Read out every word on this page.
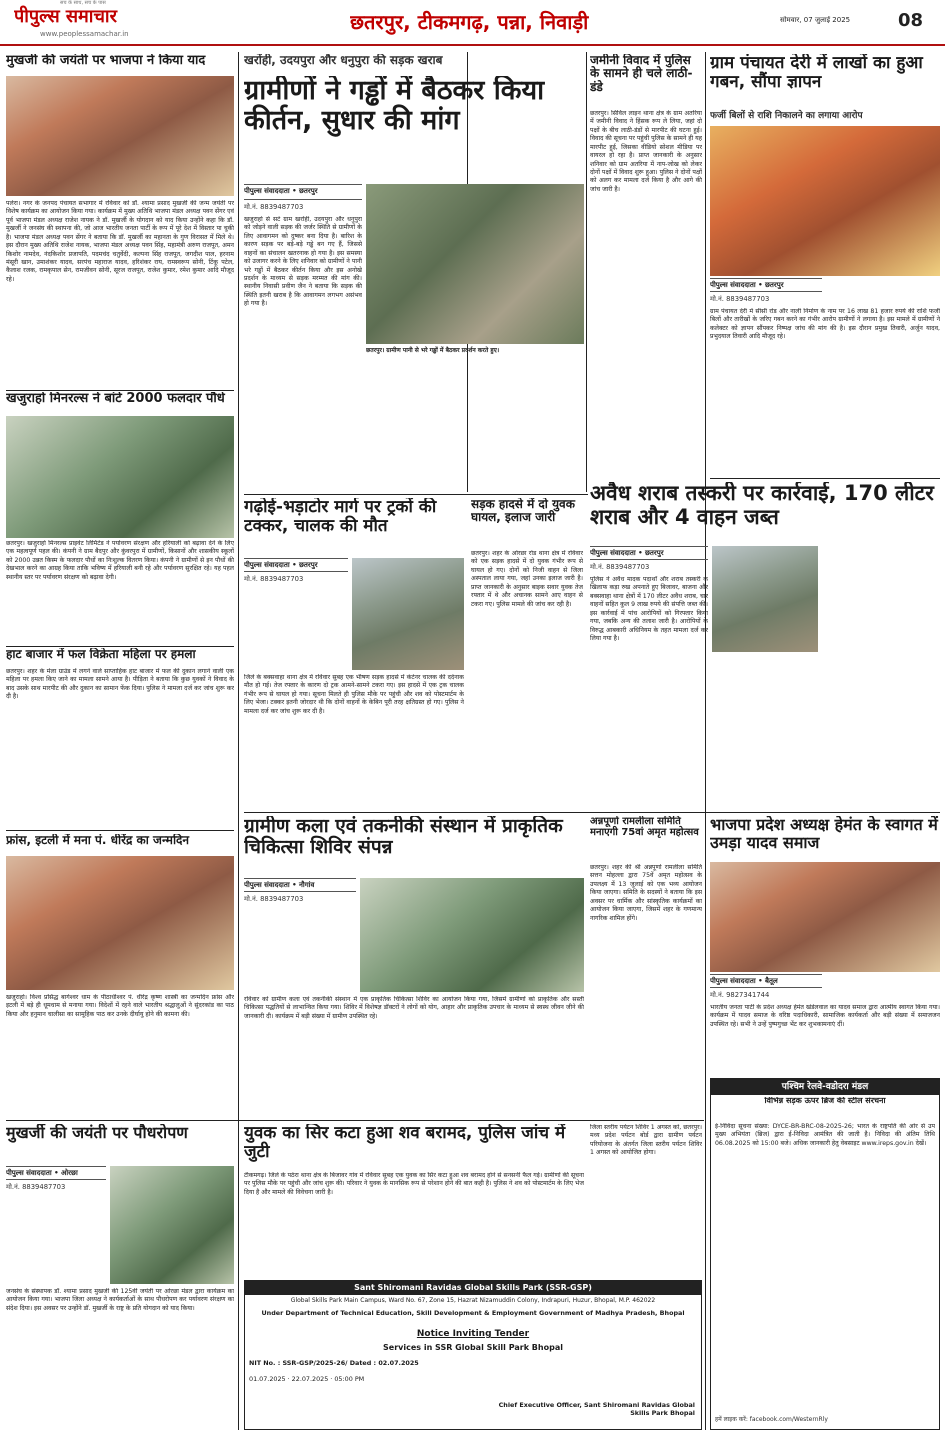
पीपुल्स समाचार
सच के साथ, सच के पास
www.peoplessamachar.in	छतरपुर, टीकमगढ़, पन्ना, निवाड़ी	सोमवार, 07 जुलाई 2025	08
मुखर्जी की जयंती पर भाजपा ने किया याद
पलेरा। नगर के जनपद पंचायत सभागार में रविवार को डॉ. श्यामा प्रसाद मुखर्जी की जन्म जयंती पर विशेष कार्यक्रम का आयोजन किया गया। कार्यक्रम में मुख्य अतिथि भाजपा मंडल अध्यक्ष पवन सेंगर एवं पूर्व भाजपा मंडल अध्यक्ष राजेश नायक ने डॉ. मुखर्जी के योगदान को याद किया उन्होंने कहा कि डॉ. मुखर्जी ने जनसंघ की स्थापना की, जो आज भारतीय जनता पार्टी के रूप में पूरे देश में विस्तार पा चुकी है। भाजपा मंडल अध्यक्ष पवन सेंगर ने बताया कि डॉ. मुखर्जी का महानता के गुण विरासत में मिले थे। इस दौरान मुख्य अतिथि राजेश नायक, भाजपा मंडल अध्यक्ष पवन सिंह, महामंत्री अरुण राजपूत, अमन किशोर नामदेव, नंदकिशोर प्रजापति, पदमचंद चतुर्वेदी, कल्पना सिंह राजपूत, जगदीश पाल, हरनाम मंसूरी खान, उमाशंकर यादव, सरपंच महाराज यादव, हरिशंकर राय, रामस्वरूप सोनी, टिंकू पटेल, कैलाश रजक, रामकृपाल सेन, रामजीवन सोनी, सूरज राजपूत, राजेश कुमार, रमेश कुमार आदि मौजूद रहे।
खजुराहो मिनरल्स ने बांटे 2000 फलदार पौधे
छतरपुर। खजुराहो मिनरल्स प्राइवेट लिमिटेड ने पर्यावरण संरक्षण और हरियाली को बढ़ावा देने के लिए एक महत्वपूर्ण पहल की। कंपनी ने ग्राम बैदपुर और कुंवरपुरा में ग्रामीणों, किसानों और शासकीय स्कूलों को 2000 उन्नत किस्म के फलदार पौधों का निःशुल्क वितरण किया। कंपनी ने ग्रामीणों से इन पौधों की देखभाल करने का आग्रह किया ताकि भविष्य में हरियाली बनी रहे और पर्यावरण सुरक्षित रहे। यह पहल स्थानीय स्तर पर पर्यावरण संरक्षण को बढ़ावा देगी।
हाट बाजार में फल विक्रेता महिला पर हमला
छतरपुर। शहर के मेला ग्राउंड में लगने वाले साप्ताहिक हाट बाजार में फल की दुकान लगाने वाली एक महिला पर हमला किए जाने का मामला सामने आया है। पीड़िता ने बताया कि कुछ युवकों ने विवाद के बाद उसके साथ मारपीट की और दुकान का सामान फेंक दिया। पुलिस ने मामला दर्ज कर जांच शुरू कर दी है।
फ्रांस, इटली में मना पं. धीरेंद्र का जन्मदिन
खजुराहो। विश्व प्रसिद्ध बागेश्वर धाम के पीठाधीश्वर पं. धीरेंद्र कृष्ण शास्त्री का जन्मदिन फ्रांस और इटली में बड़े ही धूमधाम से मनाया गया। विदेशों में रहने वाले भारतीय श्रद्धालुओं ने सुंदरकांड का पाठ किया और हनुमान चालीसा का सामूहिक पाठ कर उनके दीर्घायु होने की कामना की।
खरोंही, उदयपुरा और धनुपुरा की सड़क खराब
ग्रामीणों ने गड्ढों में बैठकर किया कीर्तन, सुधार की मांग
पीपुल्स संवाददाता • छतरपुर
मो.नं. 8839487703
खजुराहो से सटे ग्राम खरोंही, उदयपुरा और धनुपुरा को जोड़ने वाली सड़क की जर्जर स्थिति से ग्रामीणों के लिए आवागमन को दुष्कर बना दिया है। बारिश के कारण सड़क पर बड़े-बड़े गड्ढे बन गए हैं, जिससे वाहनों का संचालन खतरनाक हो गया है। इस समस्या को उजागर करने के लिए शनिवार को ग्रामीणों ने पानी भरे गड्ढों में बैठकर कीर्तन किया और इस अनोखे प्रदर्शन के माध्यम से सड़क मरम्मत की मांग की। स्थानीय निवासी प्रवीण जैन ने बताया कि सड़क की स्थिति इतनी खराब है कि आवागमन लगभग असंभव हो गया है।
छतरपुर। ग्रामीण पानी से भरे गड्ढों में बैठकर प्रदर्शन करते हुए।
जमीनी विवाद में पुलिस के सामने ही चले लाठी-डंडे
छतरपुर। सिविल लाइन थाना क्षेत्र के ग्राम अतरिया में जमीनी विवाद ने हिंसक रूप ले लिया, जहां दो पक्षों के बीच लाठी-डंडों से मारपीट की घटना हुई। विवाद की सूचना पर पहुंची पुलिस के सामने ही यह मारपीट हुई, जिसका वीडियो सोशल मीडिया पर वायरल हो रहा है। प्राप्त जानकारी के अनुसार शनिवार को ग्राम अतरिया में नाप-जोख को लेकर दोनों पक्षों में विवाद शुरू हुआ। पुलिस ने दोनों पक्षों को अलग कर मामला दर्ज किया है और आगे की जांच जारी है।
ग्राम पंचायत देरी में लाखों का हुआ गबन, सौंपा ज्ञापन
फर्जी बिलों से राशि निकालने का लगाया आरोप
पीपुल्स संवाददाता • छतरपुर
मो.नं. 8839487703
ग्राम पंचायत देरी में सीसी रोड और नाली निर्माण के नाम पर 16 लाख 81 हजार रुपये की राशि फर्जी बिलों और तारीखों के जरिए गबन करने का गंभीर आरोप ग्रामीणों ने लगाया है। इस मामले में ग्रामीणों ने कलेक्टर को ज्ञापन सौंपकर निष्पक्ष जांच की मांग की है। इस दौरान प्रमुख तिवारी, अर्जुन यादव, प्रभुदयाल तिवारी आदि मौजूद रहे।
गढ़ोई-भड़ाटोर मार्ग पर ट्रकों की टक्कर, चालक की मौत
पीपुल्स संवाददाता • छतरपुर
मो.नं. 8839487703
जिले के बक्सवाहा थाना क्षेत्र में रविवार सुबह एक भीषण सड़क हादसे में कंटेनर चालक की दर्दनाक मौत हो गई। तेज रफ्तार के कारण दो ट्रक आमने-सामने टकरा गए। इस हादसे में एक ट्रक चालक गंभीर रूप से घायल हो गया। सूचना मिलते ही पुलिस मौके पर पहुंची और शव को पोस्टमार्टम के लिए भेजा। टक्कर इतनी जोरदार थी कि दोनों वाहनों के केबिन पूरी तरह क्षतिग्रस्त हो गए। पुलिस ने मामला दर्ज कर जांच शुरू कर दी है।
सड़क हादसे में दो युवक घायल, इलाज जारी
छतरपुर। शहर के ओरछा रोड थाना क्षेत्र में रविवार को एक सड़क हादसे में दो युवक गंभीर रूप से घायल हो गए। दोनों को निजी वाहन से जिला अस्पताल लाया गया, जहां उनका इलाज जारी है। प्राप्त जानकारी के अनुसार बाइक सवार युवक तेज रफ्तार में थे और अचानक सामने आए वाहन से टकरा गए। पुलिस मामले की जांच कर रही है।
अवैध शराब तस्करी पर कार्रवाई, 170 लीटर शराब और 4 वाहन जब्त
पीपुल्स संवाददाता • छतरपुर
मो.नं. 8839487703
पुलिस ने अवैध मादक पदार्थों और शराब तस्करी के खिलाफ कड़ा रुख अपनाते हुए बिजावर, बाजना और बक्सवाहा थाना क्षेत्रों में 170 लीटर अवैध शराब, चार वाहनों सहित कुल 9 लाख रुपये की संपत्ति जब्त की। इस कार्रवाई में पांच आरोपियों को गिरफ्तार किया गया, जबकि अन्य की तलाश जारी है। आरोपियों के विरुद्ध आबकारी अधिनियम के तहत मामला दर्ज कर लिया गया है।
ग्रामीण कला एवं तकनीकी संस्थान में प्राकृतिक चिकित्सा शिविर संपन्न
पीपुल्स संवाददाता • नौगांव
मो.नं. 8839487703
रविवार को ग्रामीण कला एवं तकनीकी संस्थान में एक प्राकृतिक चिकित्सा शिविर का आयोजन किया गया, जिसमें ग्रामीणों को प्राकृतिक और सस्ती चिकित्सा पद्धतियों से लाभान्वित किया गया। शिविर में विशेषज्ञ डॉक्टरों ने लोगों को योग, आहार और प्राकृतिक उपचार के माध्यम से स्वस्थ जीवन जीने की जानकारी दी। कार्यक्रम में बड़ी संख्या में ग्रामीण उपस्थित रहे।
अन्नपूर्णा रामलीला समिति मनाएगी 75वां अमृत महोत्सव
छतरपुर। शहर की श्री अन्नपूर्णा रामलीला समिति सत्तन मोहल्ला द्वारा 75वें अमृत महोत्सव के उपलक्ष्य में 13 जुलाई को एक भव्य आयोजन किया जाएगा। समिति के सदस्यों ने बताया कि इस अवसर पर धार्मिक और सांस्कृतिक कार्यक्रमों का आयोजन किया जाएगा, जिसमें शहर के गणमान्य नागरिक शामिल होंगे।
भाजपा प्रदेश अध्यक्ष हेमंत के स्वागत में उमड़ा यादव समाज
पीपुल्स संवाददाता • बैतूल
मो.नं. 9827341744
भारतीय जनता पार्टी के प्रदेश अध्यक्ष हेमंत खंडेलवाल का यादव समाज द्वारा आत्मीय स्वागत किया गया। कार्यक्रम में यादव समाज के वरिष्ठ पदाधिकारी, सामाजिक कार्यकर्ता और बड़ी संख्या में समाजजन उपस्थित रहे। सभी ने उन्हें पुष्पगुच्छ भेंट कर शुभकामनाएं दीं।
पश्चिम रेलवे-वडोदरा मंडल
विभिन्न सड़क ऊपर ब्रिज की स्टील संरचना
ई-निविदा सूचना संख्या: DYCE-BR-BRC-08-2025-26; भारत के राष्ट्रपति की ओर से उप मुख्य अभियंता (ब्रिज) द्वारा ई-निविदा आमंत्रित की जाती है। निविदा की अंतिम तिथि 06.08.2025 को 15:00 बजे। अधिक जानकारी हेतु वेबसाइट www.ireps.gov.in देखें।
हमें लाइक करें: facebook.com/WesternRly
मुखर्जी की जयंती पर पौधरोपण
पीपुल्स संवाददाता • ओरछा
मो.नं. 8839487703
जनसंघ के संस्थापक डॉ. श्यामा प्रसाद मुखर्जी की 125वीं जयंती पर ओरछा मंडल द्वारा कार्यक्रम का आयोजन किया गया। भाजपा जिला अध्यक्ष ने कार्यकर्ताओं के साथ पौधरोपण कर पर्यावरण संरक्षण का संदेश दिया। इस अवसर पर उन्होंने डॉ. मुखर्जी के राष्ट्र के प्रति योगदान को याद किया।
युवक का सिर कटा हुआ शव बरामद, पुलिस जांच में जुटी
टीकमगढ़। जिले के पठेरा थाना क्षेत्र के बिजावर गांव में रविवार सुबह एक युवक का सिर कटा हुआ शव बरामद होने से सनसनी फैल गई। ग्रामीणों की सूचना पर पुलिस मौके पर पहुंची और जांच शुरू की। परिवार ने युवक के मानसिक रूप से परेशान होने की बात कही है। पुलिस ने शव को पोस्टमार्टम के लिए भेज दिया है और मामले की विवेचना जारी है।
जिला स्तरीय पर्यटन शिविर 1 अगस्त को, छतरपुर। मध्य प्रदेश पर्यटन बोर्ड द्वारा ग्रामीण पर्यटन परियोजना के अंतर्गत जिला स्तरीय पर्यटन शिविर 1 अगस्त को आयोजित होगा।
Sant Shiromani Ravidas Global Skills Park (SSR-GSP)
Global Skills Park Main Campus, Ward No. 67, Zone 15, Hazrat Nizamuddin Colony, Indrapuri, Huzur, Bhopal, M.P. 462022
Under Department of Technical Education, Skill Development & Employment Government of Madhya Pradesh, Bhopal
Notice Inviting Tender
Services in SSR Global Skill Park Bhopal
NIT No. : SSR-GSP/2025-26/ Dated : 02.07.2025
01.07.2025 · 22.07.2025 · 05:00 PM
Chief Executive Officer, Sant Shiromani Ravidas Global Skills Park Bhopal
